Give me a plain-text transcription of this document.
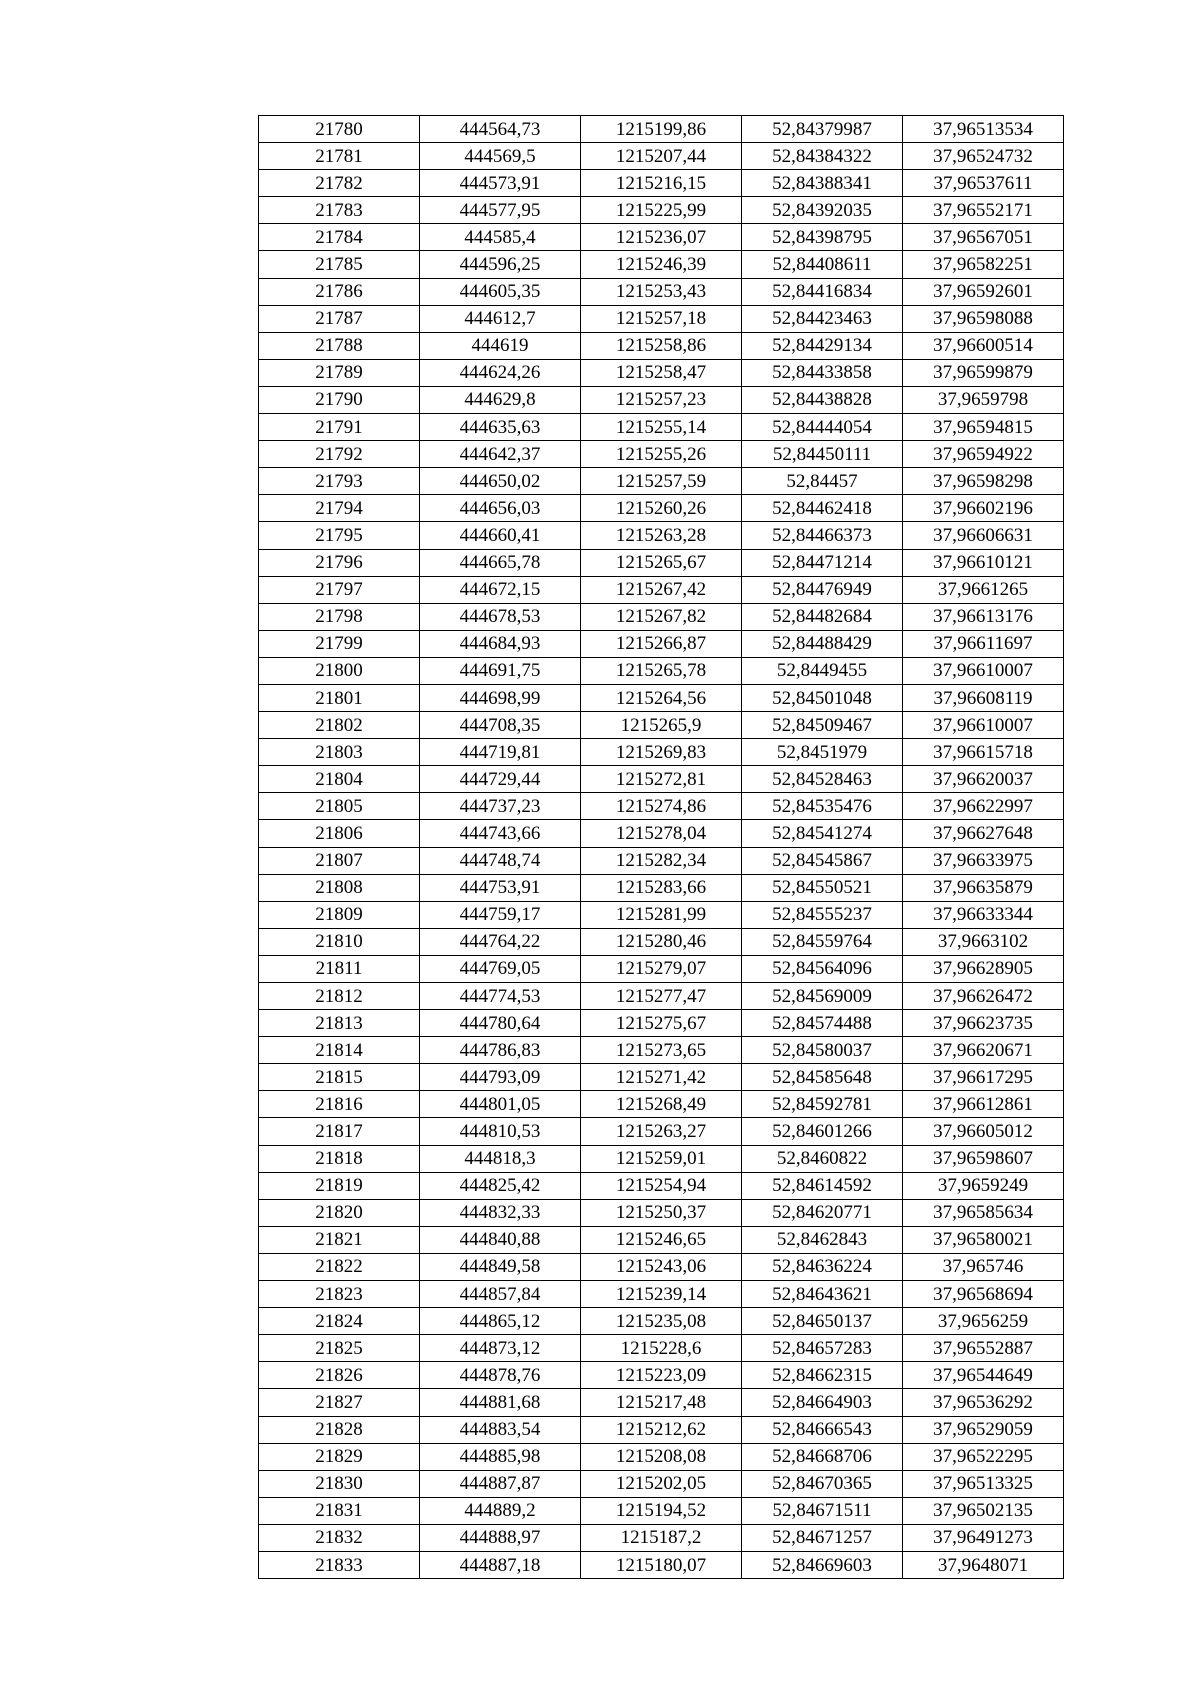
21780	444564,73	1215199,86	52,84379987	37,96513534
21781	444569,5	1215207,44	52,84384322	37,96524732
21782	444573,91	1215216,15	52,84388341	37,96537611
21783	444577,95	1215225,99	52,84392035	37,96552171
21784	444585,4	1215236,07	52,84398795	37,96567051
21785	444596,25	1215246,39	52,84408611	37,96582251
21786	444605,35	1215253,43	52,84416834	37,96592601
21787	444612,7	1215257,18	52,84423463	37,96598088
21788	444619	1215258,86	52,84429134	37,96600514
21789	444624,26	1215258,47	52,84433858	37,96599879
21790	444629,8	1215257,23	52,84438828	37,9659798
21791	444635,63	1215255,14	52,84444054	37,96594815
21792	444642,37	1215255,26	52,84450111	37,96594922
21793	444650,02	1215257,59	52,84457	37,96598298
21794	444656,03	1215260,26	52,84462418	37,96602196
21795	444660,41	1215263,28	52,84466373	37,96606631
21796	444665,78	1215265,67	52,84471214	37,96610121
21797	444672,15	1215267,42	52,84476949	37,9661265
21798	444678,53	1215267,82	52,84482684	37,96613176
21799	444684,93	1215266,87	52,84488429	37,96611697
21800	444691,75	1215265,78	52,8449455	37,96610007
21801	444698,99	1215264,56	52,84501048	37,96608119
21802	444708,35	1215265,9	52,84509467	37,96610007
21803	444719,81	1215269,83	52,8451979	37,96615718
21804	444729,44	1215272,81	52,84528463	37,96620037
21805	444737,23	1215274,86	52,84535476	37,96622997
21806	444743,66	1215278,04	52,84541274	37,96627648
21807	444748,74	1215282,34	52,84545867	37,96633975
21808	444753,91	1215283,66	52,84550521	37,96635879
21809	444759,17	1215281,99	52,84555237	37,96633344
21810	444764,22	1215280,46	52,84559764	37,9663102
21811	444769,05	1215279,07	52,84564096	37,96628905
21812	444774,53	1215277,47	52,84569009	37,96626472
21813	444780,64	1215275,67	52,84574488	37,96623735
21814	444786,83	1215273,65	52,84580037	37,96620671
21815	444793,09	1215271,42	52,84585648	37,96617295
21816	444801,05	1215268,49	52,84592781	37,96612861
21817	444810,53	1215263,27	52,84601266	37,96605012
21818	444818,3	1215259,01	52,8460822	37,96598607
21819	444825,42	1215254,94	52,84614592	37,9659249
21820	444832,33	1215250,37	52,84620771	37,96585634
21821	444840,88	1215246,65	52,8462843	37,96580021
21822	444849,58	1215243,06	52,84636224	37,965746
21823	444857,84	1215239,14	52,84643621	37,96568694
21824	444865,12	1215235,08	52,84650137	37,9656259
21825	444873,12	1215228,6	52,84657283	37,96552887
21826	444878,76	1215223,09	52,84662315	37,96544649
21827	444881,68	1215217,48	52,84664903	37,96536292
21828	444883,54	1215212,62	52,84666543	37,96529059
21829	444885,98	1215208,08	52,84668706	37,96522295
21830	444887,87	1215202,05	52,84670365	37,96513325
21831	444889,2	1215194,52	52,84671511	37,96502135
21832	444888,97	1215187,2	52,84671257	37,96491273
21833	444887,18	1215180,07	52,84669603	37,9648071
